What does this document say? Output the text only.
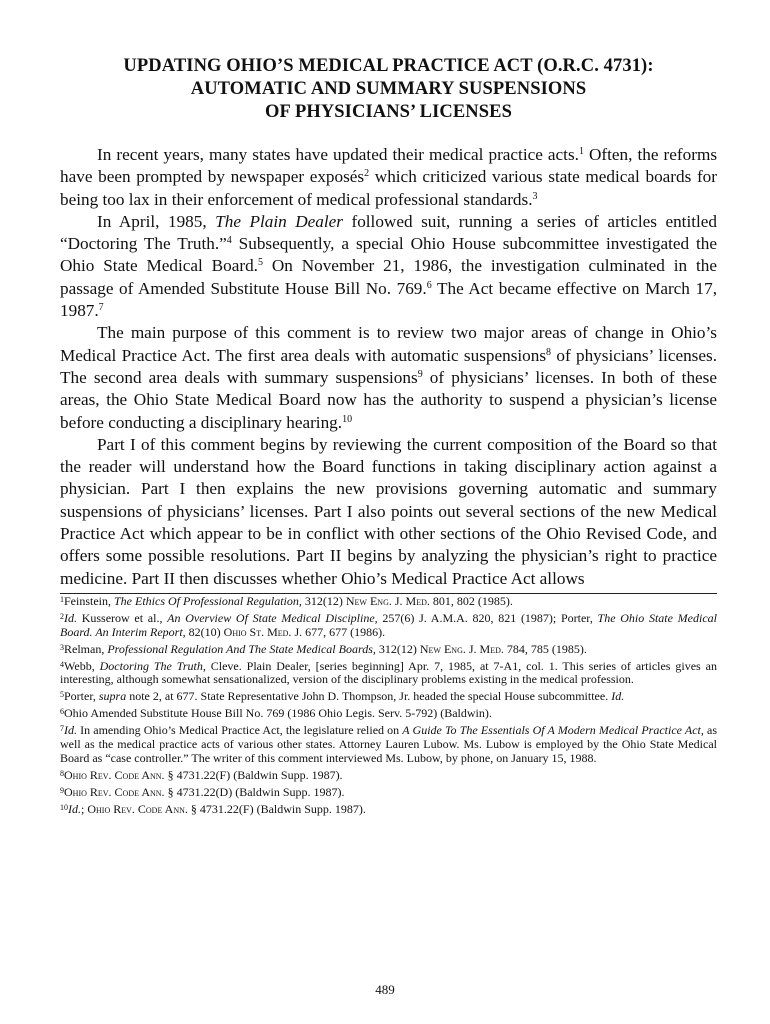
UPDATING OHIO’S MEDICAL PRACTICE ACT (O.R.C. 4731):
AUTOMATIC AND SUMMARY SUSPENSIONS
OF PHYSICIANS’ LICENSES

In recent years, many states have updated their medical practice acts.$^1$ Often, the reforms have been prompted by newspaper exposés$^2$ which criticized various state medical boards for being too lax in their enforcement of medical professional standards.$^3$

In April, 1985, The Plain Dealer followed suit, running a series of articles entitled “Doctoring The Truth.”$^4$ Subsequently, a special Ohio House subcommittee investigated the Ohio State Medical Board.$^5$ On November 21, 1986, the investigation culminated in the passage of Amended Substitute House Bill No. 769.$^6$ The Act became effective on March 17, 1987.$^7$

The main purpose of this comment is to review two major areas of change in Ohio’s Medical Practice Act. The first area deals with automatic suspensions$^8$ of physicians’ licenses. The second area deals with summary suspensions$^9$ of physicians’ licenses. In both of these areas, the Ohio State Medical Board now has the authority to suspend a physician’s license before conducting a disciplinary hearing.$^{10}$

Part I of this comment begins by reviewing the current composition of the Board so that the reader will understand how the Board functions in taking disciplinary action against a physician. Part I then explains the new provisions governing automatic and summary suspensions of physicians’ licenses. Part I also points out several sections of the new Medical Practice Act which appear to be in conflict with other sections of the Ohio Revised Code, and offers some possible resolutions. Part II begins by analyzing the physician’s right to practice medicine. Part II then discusses whether Ohio’s Medical Practice Act allows

$^1$Feinstein, The Ethics Of Professional Regulation, 312(12) New Eng. J. Med. 801, 802 (1985).

$^2$Id. Kusserow et al., An Overview Of State Medical Discipline, 257(6) J. A.M.A. 820, 821 (1987); Porter, The Ohio State Medical Board. An Interim Report, 82(10) Ohio St. Med. J. 677, 677 (1986).

$^3$Relman, Professional Regulation And The State Medical Boards, 312(12) New Eng. J. Med. 784, 785 (1985).

$^4$Webb, Doctoring The Truth, Cleve. Plain Dealer, [series beginning] Apr. 7, 1985, at 7-A1, col. 1. This series of articles gives an interesting, although somewhat sensationalized, version of the disciplinary problems existing in the medical profession.

$^5$Porter, supra note 2, at 677. State Representative John D. Thompson, Jr. headed the special House subcommittee. Id.

$^6$Ohio Amended Substitute House Bill No. 769 (1986 Ohio Legis. Serv. 5-792) (Baldwin).

$^7$Id. In amending Ohio’s Medical Practice Act, the legislature relied on A Guide To The Essentials Of A Modern Medical Practice Act, as well as the medical practice acts of various other states. Attorney Lauren Lubow. Ms. Lubow is employed by the Ohio State Medical Board as “case controller.” The writer of this comment interviewed Ms. Lubow, by phone, on January 15, 1988.

$^8$Ohio Rev. Code Ann. § 4731.22(F) (Baldwin Supp. 1987).

$^9$Ohio Rev. Code Ann. § 4731.22(D) (Baldwin Supp. 1987).

$^{10}$Id.; Ohio Rev. Code Ann. § 4731.22(F) (Baldwin Supp. 1987).

489
